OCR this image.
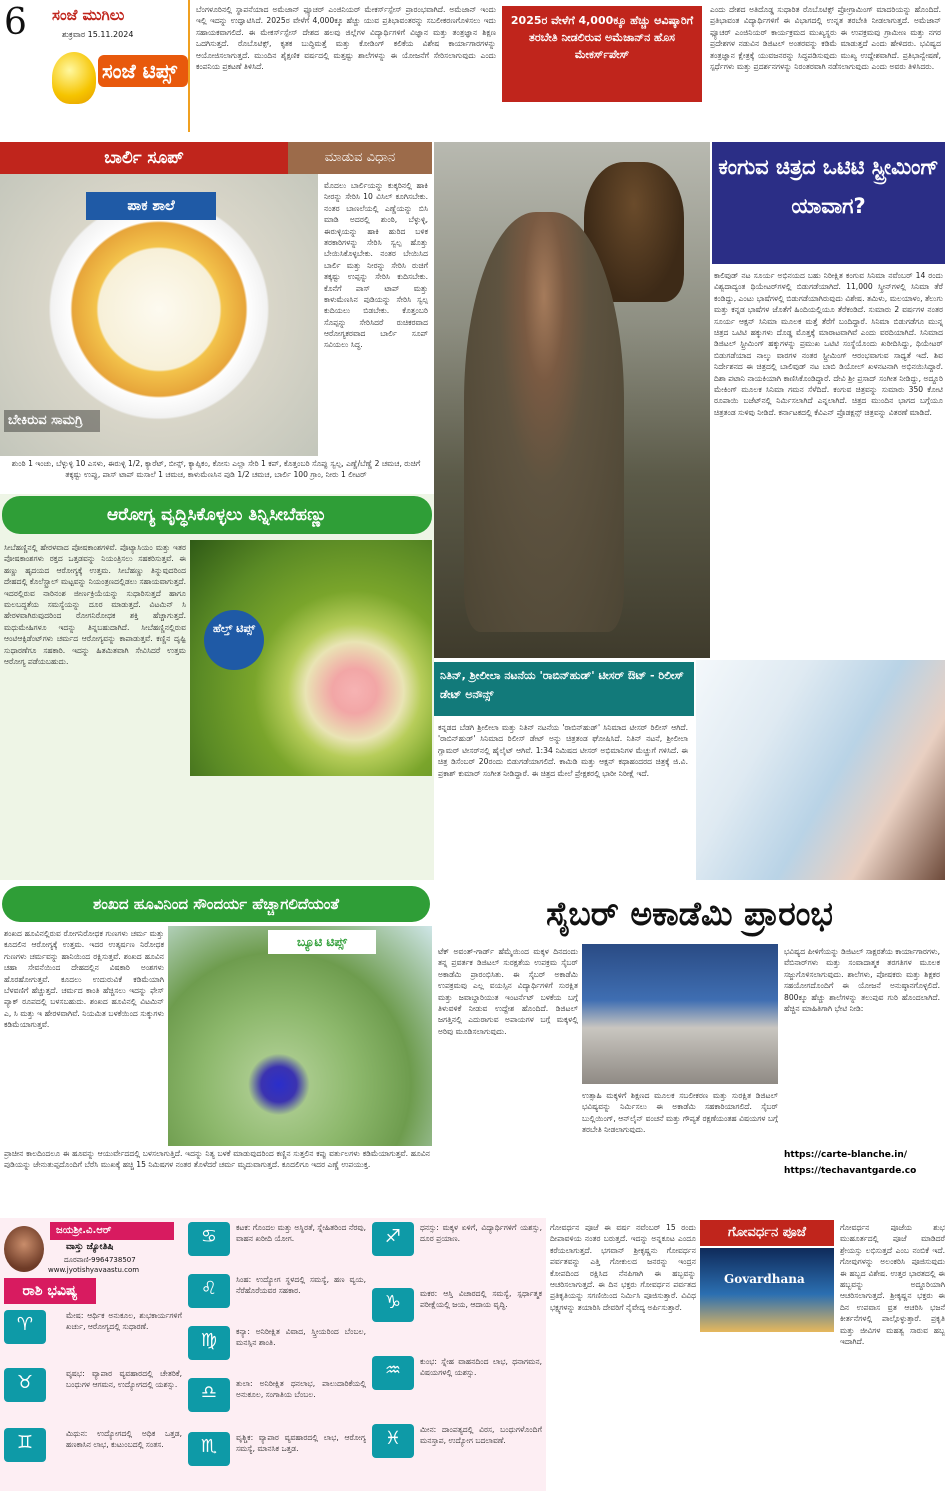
6 ಸಂಜೆ ಮುಗಿಲು
ಶುಕ್ರವಾರ 15.11.2024
ಸಂಜೆ ಟಿಪ್ಸ್
ಬೆಂಗಳೂರಿನಲ್ಲಿ ಸ್ಥಾಪನೆಯಾದ ಅಮೆಜಾನ್ ಫ್ಯೂಚರ್ ಎಂಜಿನಿಯರ್ ಮೇಕರ್ಸ್‌ಸ್ಪೇಸ್ ಪ್ರಾರಂಭವಾಗಿದೆ. ಅಮೆಜಾನ್ ಇಂದು ಇಲ್ಲಿ ಇದನ್ನು ಉದ್ಘಾಟಿಸಿದೆ. 2025ರ ವೇಳೆಗೆ 4,000ಕ್ಕೂ ಹೆಚ್ಚು ಯುವ ಪ್ರತಿಭಾವಂತರನ್ನು ಸಬಲೀಕರಣಗೊಳಿಸಲು ಇದು ಸಹಾಯಕವಾಗಲಿದೆ. ಈ ಮೇಕರ್ಸ್‌ಸ್ಪೇಸ್ ದೇಶದ ಹಲವು ಜಿಲ್ಲೆಗಳ ವಿದ್ಯಾರ್ಥಿಗಳಿಗೆ ವಿಜ್ಞಾನ ಮತ್ತು ತಂತ್ರಜ್ಞಾನ ಶಿಕ್ಷಣ ಒದಗಿಸುತ್ತದೆ. ರೊಬೊಟಿಕ್ಸ್, ಕೃತಕ ಬುದ್ಧಿಮತ್ತೆ ಮತ್ತು ಕೋಡಿಂಗ್ ಕಲಿಕೆಯ ವಿಶೇಷ ಕಾರ್ಯಾಗಾರಗಳನ್ನು ಆಯೋಜಿಸಲಾಗುತ್ತದೆ. ಮುಂದಿನ ಶೈಕ್ಷಣಿಕ ವರ್ಷದಲ್ಲಿ ಮತ್ತಷ್ಟು ಶಾಲೆಗಳನ್ನು ಈ ಯೋಜನೆಗೆ ಸೇರಿಸಲಾಗುವುದು ಎಂದು ಕಂಪನಿಯ ಪ್ರಕಟಣೆ ತಿಳಿಸಿದೆ.
2025ರ ವೇಳೆಗೆ 4,000ಕ್ಕೂ ಹೆಚ್ಚು ಆವಿಷ್ಕಾರಿಗೆ ತರಬೇತಿ ನೀಡಲಿರುವ ಅಮೆಜಾನ್‌ನ ಹೊಸ ಮೇಕರ್ಸ್‌ಪೇಸ್
ಎಂದು ದೇಶದ ಅತಿದೊಡ್ಡ ಸುಧಾರಿತ ರೊಬೊಟಿಕ್ಸ್ ಪ್ರೋಗ್ರಾಮಿಂಗ್ ಮಾದರಿಯನ್ನು ಹೊಂದಿದೆ. ಪ್ರತಿಭಾವಂತ ವಿದ್ಯಾರ್ಥಿಗಳಿಗೆ ಈ ವಿಭಾಗದಲ್ಲಿ ಉನ್ನತ ತರಬೇತಿ ನೀಡಲಾಗುತ್ತದೆ. ಅಮೆಜಾನ್ ಫ್ಯೂಚರ್ ಎಂಜಿನಿಯರ್ ಕಾರ್ಯಕ್ರಮದ ಮುಖ್ಯಸ್ಥರು ಈ ಉಪಕ್ರಮವು ಗ್ರಾಮೀಣ ಮತ್ತು ನಗರ ಪ್ರದೇಶಗಳ ನಡುವಿನ ಡಿಜಿಟಲ್ ಅಂತರವನ್ನು ಕಡಿಮೆ ಮಾಡುತ್ತದೆ ಎಂದು ಹೇಳಿದರು. ಭವಿಷ್ಯದ ತಂತ್ರಜ್ಞಾನ ಕ್ಷೇತ್ರಕ್ಕೆ ಯುವಜನರನ್ನು ಸಿದ್ಧಪಡಿಸುವುದು ಮುಖ್ಯ ಉದ್ದೇಶವಾಗಿದೆ. ಪ್ರತಿಭಾನ್ವೇಷಣೆ, ಸ್ಪರ್ಧೆಗಳು ಮತ್ತು ಪ್ರದರ್ಶನಗಳನ್ನು ನಿರಂತರವಾಗಿ ನಡೆಸಲಾಗುವುದು ಎಂದು ಅವರು ತಿಳಿಸಿದರು.
ಬಾರ್ಲಿ ಸೂಪ್	ಮಾಡುವ ವಿಧಾನ
ಪಾಕ ಶಾಲೆ
ಬೇಕಿರುವ ಸಾಮಗ್ರಿ
ಮೊದಲು ಬಾರ್ಲಿಯನ್ನು ಕುಕ್ಕರಿನಲ್ಲಿ ಹಾಕಿ ನೀರನ್ನು ಸೇರಿಸಿ 10 ವಿಸಿಲ್ ಕೂಗಿಸಬೇಕು. ನಂತರ ಬಾಣಲೆಯಲ್ಲಿ ಎಣ್ಣೆಯನ್ನು ಬಿಸಿ ಮಾಡಿ ಅದರಲ್ಲಿ ಶುಂಠಿ, ಬೆಳ್ಳುಳ್ಳಿ, ಈರುಳ್ಳಿಯನ್ನು ಹಾಕಿ ಹುರಿದ ಬಳಿಕ ತರಕಾರಿಗಳನ್ನು ಸೇರಿಸಿ ಸ್ವಲ್ಪ ಹೊತ್ತು ಬೇಯಿಸಿಕೊಳ್ಳಬೇಕು. ನಂತರ ಬೇಯಿಸಿದ ಬಾರ್ಲಿ ಮತ್ತು ನೀರನ್ನು ಸೇರಿಸಿ ರುಚಿಗೆ ತಕ್ಕಷ್ಟು ಉಪ್ಪನ್ನು ಸೇರಿಸಿ ಕುದಿಸಬೇಕು. ಕೊನೆಗೆ ಪಾಸ್ ಟಾಪ್ ಮತ್ತು ಕಾಳುಮೆಣಸಿನ ಪುಡಿಯನ್ನು ಸೇರಿಸಿ ಸ್ವಲ್ಪ ಕುದಿಯಲು ಬಿಡಬೇಕು. ಕೊತ್ತಂಬರಿ ಸೊಪ್ಪನ್ನು ಸೇರಿಸಿದರೆ ರುಚಿಕರವಾದ ಆರೋಗ್ಯಕರವಾದ ಬಾರ್ಲಿ ಸೂಪ್ ಸವಿಯಲು ಸಿದ್ಧ.
ಶುಂಠಿ 1 ಇಂಚು, ಬೆಳ್ಳುಳ್ಳಿ 10 ಎಸಳು, ಈರುಳ್ಳಿ 1/2, ಕ್ಯಾರೆಟ್, ಬೀನ್ಸ್, ಕ್ಯಾಪ್ಸಿಕಂ, ಕೋಸು ಎಲ್ಲಾ ಸೇರಿ 1 ಕಪ್, ಕೊತ್ತಂಬರಿ ಸೊಪ್ಪು ಸ್ವಲ್ಪ, ಎಣ್ಣೆ/ಬೆಣ್ಣೆ 2 ಚಮಚ, ರುಚಿಗೆ ತಕ್ಕಷ್ಟು ಉಪ್ಪು, ಪಾಸ್ ಟಾಪ್ ಮಸಾಲೆ 1 ಚಮಚ, ಕಾಳುಮೆಣಸಿನ ಪುಡಿ 1/2 ಚಮಚ, ಬಾರ್ಲಿ 100 ಗ್ರಾಂ, ನೀರು 1 ಲೀಟರ್
ಕಂಗುವ ಚಿತ್ರದ ಒಟಿಟಿ ಸ್ಟ್ರೀಮಿಂಗ್ ಯಾವಾಗ?
ಕಾಲಿವುಡ್ ನಟ ಸೂರ್ಯ ಅಭಿನಯದ ಬಹು ನಿರೀಕ್ಷಿತ ಕಂಗುವ ಸಿನಿಮಾ ನವೆಂಬರ್ 14 ರಂದು ವಿಶ್ವದಾದ್ಯಂತ ಥಿಯೇಟರ್‌ಗಳಲ್ಲಿ ಬಿಡುಗಡೆಯಾಗಿದೆ. 11,000 ಸ್ಕ್ರೀನ್‌ಗಳಲ್ಲಿ ಸಿನಿಮಾ ತೆರೆ ಕಂಡಿದ್ದು, ಎಂಟು ಭಾಷೆಗಳಲ್ಲಿ ಬಿಡುಗಡೆಯಾಗಿರುವುದು ವಿಶೇಷ. ತಮಿಳು, ಮಲಯಾಳಂ, ತೆಲುಗು ಮತ್ತು ಕನ್ನಡ ಭಾಷೆಗಳ ಜೊತೆಗೆ ಹಿಂದಿಯಲ್ಲಿಯೂ ತೆರೆಕಂಡಿದೆ. ಸುಮಾರು 2 ವರ್ಷಗಳ ನಂತರ ಸೂರ್ಯ ಆಕ್ಷನ್ ಸಿನಿಮಾ ಮೂಲಕ ಮತ್ತೆ ತೆರೆಗೆ ಬಂದಿದ್ದಾರೆ. ಸಿನಿಮಾ ಬಿಡುಗಡೆಗೂ ಮುನ್ನ ಚಿತ್ರದ ಒಟಿಟಿ ಹಕ್ಕುಗಳು ದೊಡ್ಡ ಮೊತ್ತಕ್ಕೆ ಮಾರಾಟವಾಗಿವೆ ಎಂದು ವರದಿಯಾಗಿದೆ. ಸಿನಿಮಾದ ಡಿಜಿಟಲ್ ಸ್ಟ್ರೀಮಿಂಗ್ ಹಕ್ಕುಗಳನ್ನು ಪ್ರಮುಖ ಒಟಿಟಿ ಸಂಸ್ಥೆಯೊಂದು ಖರೀದಿಸಿದ್ದು, ಥಿಯೇಟರ್ ಬಿಡುಗಡೆಯಾದ ನಾಲ್ಕು ವಾರಗಳ ನಂತರ ಸ್ಟ್ರೀಮಿಂಗ್ ಆರಂಭವಾಗುವ ಸಾಧ್ಯತೆ ಇದೆ. ಶಿವ ನಿರ್ದೇಶನದ ಈ ಚಿತ್ರದಲ್ಲಿ ಬಾಲಿವುಡ್ ನಟ ಬಾಬಿ ಡಿಯೋಲ್ ಖಳನಟನಾಗಿ ಅಭಿನಯಿಸಿದ್ದಾರೆ. ದಿಶಾ ಪಟಾನಿ ನಾಯಕಿಯಾಗಿ ಕಾಣಿಸಿಕೊಂಡಿದ್ದಾರೆ. ದೇವಿ ಶ್ರೀ ಪ್ರಸಾದ್ ಸಂಗೀತ ನೀಡಿದ್ದು, ಅದ್ದೂರಿ ಮೇಕಿಂಗ್ ಮೂಲಕ ಸಿನಿಮಾ ಗಮನ ಸೆಳೆದಿದೆ. ಕಂಗುವ ಚಿತ್ರವನ್ನು ಸುಮಾರು 350 ಕೋಟಿ ರೂಪಾಯಿ ಬಜೆಟ್‌ನಲ್ಲಿ ನಿರ್ಮಿಸಲಾಗಿದೆ ಎನ್ನಲಾಗಿದೆ. ಚಿತ್ರದ ಮುಂದಿನ ಭಾಗದ ಬಗ್ಗೆಯೂ ಚಿತ್ರತಂಡ ಸುಳಿವು ನೀಡಿದೆ. ಕರ್ನಾಟಕದಲ್ಲಿ ಕೆವಿಎನ್ ಪ್ರೊಡಕ್ಷನ್ಸ್ ಚಿತ್ರವನ್ನು ವಿತರಣೆ ಮಾಡಿದೆ.
ಆರೋಗ್ಯ ವೃದ್ಧಿಸಿಕೊಳ್ಳಲು ತಿನ್ನಿಸೀಬೆಹಣ್ಣು
ಸೀಬೆಹಣ್ಣಿನಲ್ಲಿ ಹೇರಳವಾದ ಪೋಷಕಾಂಶಗಳಿವೆ. ಪೊಟ್ಯಾಸಿಯಂ ಮತ್ತು ಇತರ ಪೋಷಕಾಂಶಗಳು ರಕ್ತದ ಒತ್ತಡವನ್ನು ನಿಯಂತ್ರಿಸಲು ಸಹಕರಿಸುತ್ತವೆ. ಈ ಹಣ್ಣು ಹೃದಯದ ಆರೋಗ್ಯಕ್ಕೆ ಉತ್ತಮ. ಸೀಬೆಹಣ್ಣು ತಿನ್ನುವುದರಿಂದ ದೇಹದಲ್ಲಿ ಕೊಲೆಸ್ಟ್ರಾಲ್ ಮಟ್ಟವನ್ನು ನಿಯಂತ್ರಣದಲ್ಲಿಡಲು ಸಹಾಯವಾಗುತ್ತದೆ. ಇದರಲ್ಲಿರುವ ನಾರಿನಂಶ ಜೀರ್ಣಕ್ರಿಯೆಯನ್ನು ಸುಧಾರಿಸುತ್ತದೆ ಹಾಗೂ ಮಲಬದ್ಧತೆಯ ಸಮಸ್ಯೆಯನ್ನು ದೂರ ಮಾಡುತ್ತದೆ. ವಿಟಮಿನ್ ಸಿ ಹೇರಳವಾಗಿರುವುದರಿಂದ ರೋಗನಿರೋಧಕ ಶಕ್ತಿ ಹೆಚ್ಚಾಗುತ್ತದೆ. ಮಧುಮೇಹಿಗಳೂ ಇದನ್ನು ತಿನ್ನಬಹುದಾಗಿದೆ. ಸೀಬೆಹಣ್ಣಿನಲ್ಲಿರುವ ಆಂಟಿಆಕ್ಸಿಡೆಂಟ್‌ಗಳು ಚರ್ಮದ ಆರೋಗ್ಯವನ್ನು ಕಾಪಾಡುತ್ತವೆ. ಕಣ್ಣಿನ ದೃಷ್ಟಿ ಸುಧಾರಣೆಗೂ ಸಹಕಾರಿ. ಇದನ್ನು ಹಿತಮಿತವಾಗಿ ಸೇವಿಸಿದರೆ ಉತ್ತಮ ಆರೋಗ್ಯ ಪಡೆಯಬಹುದು.
ಹೆಲ್ತ್ ಟಿಪ್ಸ್
ನಿತಿನ್, ಶ್ರೀಲೀಲಾ ನಟನೆಯ 'ರಾಬಿನ್‌ಹುಡ್' ಟೀಸರ್ ಔಟ್ - ರಿಲೀಸ್ ಡೇಟ್ ಅನೌನ್ಸ್
ಕನ್ನಡದ ಬೆಡಗಿ ಶ್ರೀಲೀಲಾ ಮತ್ತು ನಿತಿನ್ ನಟನೆಯ 'ರಾಬಿನ್‌ಹುಡ್' ಸಿನಿಮಾದ ಟೀಸರ್ ರಿಲೀಸ್ ಆಗಿದೆ. 'ರಾಬಿನ್‌ಹುಡ್' ಸಿನಿಮಾದ ರಿಲೀಸ್ ಡೇಟ್ ಅನ್ನು ಚಿತ್ರತಂಡ ಘೋಷಿಸಿದೆ. ನಿತಿನ್ ನಟನೆ, ಶ್ರೀಲೀಲಾ ಗ್ಲಾಮರ್ ಟೀಸರ್‌ನಲ್ಲಿ ಹೈಲೈಟ್ ಆಗಿವೆ. 1:34 ನಿಮಿಷದ ಟೀಸರ್ ಅಭಿಮಾನಿಗಳ ಮೆಚ್ಚುಗೆ ಗಳಿಸಿದೆ. ಈ ಚಿತ್ರ ಡಿಸೆಂಬರ್ 20ರಂದು ಬಿಡುಗಡೆಯಾಗಲಿದೆ. ಕಾಮಿಡಿ ಮತ್ತು ಆಕ್ಷನ್ ಕಥಾಹಂದರದ ಚಿತ್ರಕ್ಕೆ ಜಿ.ವಿ. ಪ್ರಕಾಶ್ ಕುಮಾರ್ ಸಂಗೀತ ನೀಡಿದ್ದಾರೆ. ಈ ಚಿತ್ರದ ಮೇಲೆ ಪ್ರೇಕ್ಷಕರಲ್ಲಿ ಭಾರೀ ನಿರೀಕ್ಷೆ ಇದೆ.
ಶಂಖದ ಹೂವಿನಿಂದ ಸೌಂದರ್ಯ ಹೆಚ್ಚಾಗಲಿದೆಯಂತೆ
ಶಂಖದ ಹೂವಿನಲ್ಲಿರುವ ರೋಗನಿರೋಧಕ ಗುಣಗಳು ಚರ್ಮ ಮತ್ತು ಕೂದಲಿನ ಆರೋಗ್ಯಕ್ಕೆ ಉತ್ತಮ. ಇದರ ಉತ್ಕರ್ಷಣ ನಿರೋಧಕ ಗುಣಗಳು ಚರ್ಮವನ್ನು ಹಾನಿಯಿಂದ ರಕ್ಷಿಸುತ್ತವೆ. ಶಂಖದ ಹೂವಿನ ಚಹಾ ಸೇವನೆಯಿಂದ ದೇಹದಲ್ಲಿನ ವಿಷಕಾರಿ ಅಂಶಗಳು ಹೊರಹೋಗುತ್ತವೆ. ಕೂದಲು ಉದುರುವಿಕೆ ಕಡಿಮೆಯಾಗಿ ಬೆಳವಣಿಗೆ ಹೆಚ್ಚುತ್ತದೆ. ಚರ್ಮದ ಕಾಂತಿ ಹೆಚ್ಚಿಸಲು ಇದನ್ನು ಫೇಸ್ ಪ್ಯಾಕ್ ರೂಪದಲ್ಲಿ ಬಳಸಬಹುದು. ಶಂಖದ ಹೂವಿನಲ್ಲಿ ವಿಟಮಿನ್ ಎ, ಸಿ ಮತ್ತು ಇ ಹೇರಳವಾಗಿವೆ. ನಿಯಮಿತ ಬಳಕೆಯಿಂದ ಸುಕ್ಕುಗಳು ಕಡಿಮೆಯಾಗುತ್ತವೆ.
ಬ್ಯೂಟಿ ಟಿಪ್ಸ್
ಪ್ರಾಚೀನ ಕಾಲದಿಂದಲೂ ಈ ಹೂವನ್ನು ಆಯುರ್ವೇದದಲ್ಲಿ ಬಳಸಲಾಗುತ್ತಿದೆ. ಇದನ್ನು ನಿತ್ಯ ಬಳಕೆ ಮಾಡುವುದರಿಂದ ಕಣ್ಣಿನ ಸುತ್ತಲಿನ ಕಪ್ಪು ವರ್ತುಲಗಳು ಕಡಿಮೆಯಾಗುತ್ತವೆ. ಹೂವಿನ ಪುಡಿಯನ್ನು ಜೇನುತುಪ್ಪದೊಂದಿಗೆ ಬೆರೆಸಿ ಮುಖಕ್ಕೆ ಹಚ್ಚಿ 15 ನಿಮಿಷಗಳ ನಂತರ ತೊಳೆದರೆ ಚರ್ಮ ಮೃದುವಾಗುತ್ತದೆ. ಕೂದಲಿಗೂ ಇದರ ಎಣ್ಣೆ ಉಪಯುಕ್ತ.
ಸೈಬರ್ ಅಕಾಡೆಮಿ ಪ್ರಾರಂಭ
ಟೆಕ್ ಅವಂತ್-ಗಾರ್ಡ್ ಹೆಮ್ಮೆಯಿಂದ ಮಕ್ಕಳ ದಿನದಂದು ತನ್ನ ಪ್ರವರ್ತಕ ಡಿಜಿಟಲ್ ಸುರಕ್ಷತೆಯ ಉಪಕ್ರಮ ಸೈಬರ್ ಅಕಾಡೆಮಿ ಪ್ರಾರಂಭಿಸಿತು. ಈ ಸೈಬರ್ ಅಕಾಡೆಮಿ ಉಪಕ್ರಮವು ಎಲ್ಲ ವಯಸ್ಸಿನ ವಿದ್ಯಾರ್ಥಿಗಳಿಗೆ ಸುರಕ್ಷಿತ ಮತ್ತು ಜವಾಬ್ದಾರಿಯುತ ಇಂಟರ್ನೆಟ್ ಬಳಕೆಯ ಬಗ್ಗೆ ತಿಳುವಳಿಕೆ ನೀಡುವ ಉದ್ದೇಶ ಹೊಂದಿದೆ. ಡಿಜಿಟಲ್ ಜಗತ್ತಿನಲ್ಲಿ ಎದುರಾಗುವ ಅಪಾಯಗಳ ಬಗ್ಗೆ ಮಕ್ಕಳಲ್ಲಿ ಅರಿವು ಮೂಡಿಸಲಾಗುವುದು.
ಉತ್ಸಾಹಿ ಮಕ್ಕಳಿಗೆ ಶಿಕ್ಷಣದ ಮೂಲಕ ಸಬಲೀಕರಣ ಮತ್ತು ಸುರಕ್ಷಿತ ಡಿಜಿಟಲ್ ಭವಿಷ್ಯವನ್ನು ನಿರ್ಮಿಸಲು ಈ ಅಕಾಡೆಮಿ ಸಹಕಾರಿಯಾಗಲಿದೆ. ಸೈಬರ್ ಬುಲ್ಲಿಯಿಂಗ್, ಆನ್‌ಲೈನ್ ವಂಚನೆ ಮತ್ತು ಗೌಪ್ಯತೆ ರಕ್ಷಣೆಯಂತಹ ವಿಷಯಗಳ ಬಗ್ಗೆ ತರಬೇತಿ ನೀಡಲಾಗುವುದು.
ಭವಿಷ್ಯದ ಪೀಳಿಗೆಯನ್ನು ಡಿಜಿಟಲ್ ಸಾಕ್ಷರತೆಯ ಕಾರ್ಯಾಗಾರಗಳು, ವೆಬಿನಾರ್‌ಗಳು ಮತ್ತು ಸಂವಾದಾತ್ಮಕ ತರಗತಿಗಳ ಮೂಲಕ ಸಜ್ಜುಗೊಳಿಸಲಾಗುವುದು. ಶಾಲೆಗಳು, ಪೋಷಕರು ಮತ್ತು ಶಿಕ್ಷಕರ ಸಹಯೋಗದೊಂದಿಗೆ ಈ ಯೋಜನೆ ಅನುಷ್ಠಾನಗೊಳ್ಳಲಿದೆ. 800ಕ್ಕೂ ಹೆಚ್ಚು ಶಾಲೆಗಳನ್ನು ತಲುಪುವ ಗುರಿ ಹೊಂದಲಾಗಿದೆ. ಹೆಚ್ಚಿನ ಮಾಹಿತಿಗಾಗಿ ಭೇಟಿ ನೀಡಿ:
https://carte-blanche.in/
https://techavantgarde.co
ಜಯಶ್ರೀ.ವಿ.ಆರ್
ವಾಸ್ತು ಜ್ಯೋತಿಷಿ
ದೂರವಾಣಿ-9964738507
www.jyotishyavaastu.com
ರಾಶಿ ಭವಿಷ್ಯ
♈	ಮೇಷ: ಆರ್ಥಿಕ ಅನುಕೂಲ, ಶುಭಕಾರ್ಯಗಳಿಗೆ ಖರ್ಚು, ಆರೋಗ್ಯದಲ್ಲಿ ಸುಧಾರಣೆ.
♉	ವೃಷಭ: ವ್ಯಾಪಾರ ವ್ಯವಹಾರದಲ್ಲಿ ಚೇತರಿಕೆ, ಬಂಧುಗಳ ಆಗಮನ, ಉದ್ಯೋಗದಲ್ಲಿ ಯಶಸ್ಸು.
♊	ಮಿಥುನ: ಉದ್ಯೋಗದಲ್ಲಿ ಅಧಿಕ ಒತ್ತಡ, ಹಣಕಾಸಿನ ಲಾಭ, ಕುಟುಂಬದಲ್ಲಿ ಸಂತಸ.
♋ ಕಟಕ: ಗೊಂದಲ ಮತ್ತು ಅಸ್ಥಿರತೆ, ಸ್ನೇಹಿತರಿಂದ ನೆರವು, ವಾಹನ ಖರೀದಿ ಯೋಗ.
♌ ಸಿಂಹ: ಉದ್ಯೋಗ ಸ್ಥಳದಲ್ಲಿ ಸಮಸ್ಯೆ, ಹಣ ವ್ಯಯ, ನೆರೆಹೊರೆಯವರ ಸಹಕಾರ.
♍ ಕನ್ಯಾ: ಅನಿರೀಕ್ಷಿತ ವಿವಾದ, ಸ್ತ್ರೀಯರಿಂದ ಬೆಂಬಲ, ಮನಸ್ಸಿನ ಶಾಂತಿ.
♎ ತುಲಾ: ಅನಿರೀಕ್ಷಿತ ಧನಲಾಭ, ಪಾಲುದಾರಿಕೆಯಲ್ಲಿ ಅನುಕೂಲ, ಸಂಗಾತಿಯ ಬೆಂಬಲ.
♏ ವೃಶ್ಚಿಕ: ವ್ಯಾಪಾರ ವ್ಯವಹಾರದಲ್ಲಿ ಲಾಭ, ಆರೋಗ್ಯ ಸಮಸ್ಯೆ, ಮಾನಸಿಕ ಒತ್ತಡ.
♐ ಧನಸ್ಸು: ಮಕ್ಕಳ ಏಳಿಗೆ, ವಿದ್ಯಾರ್ಥಿಗಳಿಗೆ ಯಶಸ್ಸು, ದೂರ ಪ್ರಯಾಣ.
♑ ಮಕರ: ಆಸ್ತಿ ವಿಚಾರದಲ್ಲಿ ಸಮಸ್ಯೆ, ಸ್ಪರ್ಧಾತ್ಮಕ ಪರೀಕ್ಷೆಯಲ್ಲಿ ಜಯ, ಆದಾಯ ವೃದ್ಧಿ.
♒ ಕುಂಭ: ಸ್ನೇಹ ವಾಹನದಿಂದ ಲಾಭ, ಧನಾಗಮನ, ವಿಷಯಗಳಲ್ಲಿ ಯಶಸ್ಸು.
♓ ಮೀನ: ದಾಂಪತ್ಯದಲ್ಲಿ ವಿರಸ, ಬಂಧುಗಳೊಂದಿಗೆ ಮನಸ್ತಾಪ, ಉದ್ಯೋಗ ಬದಲಾವಣೆ.
ಗೋವರ್ಧನ ಪೂಜೆ ಈ ವರ್ಷ ನವೆಂಬರ್ 15 ರಂದು ದೀಪಾವಳಿಯ ನಂತರ ಬರುತ್ತದೆ. ಇದನ್ನು ಅನ್ನಕೂಟ ಎಂದೂ ಕರೆಯಲಾಗುತ್ತದೆ. ಭಗವಾನ್ ಶ್ರೀಕೃಷ್ಣನು ಗೋವರ್ಧನ ಪರ್ವತವನ್ನು ಎತ್ತಿ ಗೋಕುಲದ ಜನರನ್ನು ಇಂದ್ರನ ಕೋಪದಿಂದ ರಕ್ಷಿಸಿದ ನೆನಪಿಗಾಗಿ ಈ ಹಬ್ಬವನ್ನು ಆಚರಿಸಲಾಗುತ್ತದೆ. ಈ ದಿನ ಭಕ್ತರು ಗೋವರ್ಧನ ಪರ್ವತದ ಪ್ರತಿಕೃತಿಯನ್ನು ಸಗಣಿಯಿಂದ ನಿರ್ಮಿಸಿ ಪೂಜಿಸುತ್ತಾರೆ. ವಿವಿಧ ಭಕ್ಷ್ಯಗಳನ್ನು ತಯಾರಿಸಿ ದೇವರಿಗೆ ನೈವೇದ್ಯ ಅರ್ಪಿಸುತ್ತಾರೆ.
ಗೋವರ್ಧನ ಪೂಜೆ
Govardhana
ಗೋವರ್ಧನ ಪೂಜೆಯ ಶುಭ ಮುಹೂರ್ತದಲ್ಲಿ ಪೂಜೆ ಮಾಡಿದರೆ ಶ್ರೇಯಸ್ಸು ಲಭಿಸುತ್ತದೆ ಎಂಬ ನಂಬಿಕೆ ಇದೆ. ಗೋವುಗಳನ್ನು ಅಲಂಕರಿಸಿ ಪೂಜಿಸುವುದು ಈ ಹಬ್ಬದ ವಿಶೇಷ. ಉತ್ತರ ಭಾರತದಲ್ಲಿ ಈ ಹಬ್ಬವನ್ನು ಅದ್ದೂರಿಯಾಗಿ ಆಚರಿಸಲಾಗುತ್ತದೆ. ಶ್ರೀಕೃಷ್ಣನ ಭಕ್ತರು ಈ ದಿನ ಉಪವಾಸ ವ್ರತ ಆಚರಿಸಿ ಭಜನೆ ಕೀರ್ತನೆಗಳಲ್ಲಿ ಪಾಲ್ಗೊಳ್ಳುತ್ತಾರೆ. ಪ್ರಕೃತಿ ಮತ್ತು ಜೀವಿಗಳ ಮಹತ್ವ ಸಾರುವ ಹಬ್ಬ ಇದಾಗಿದೆ.
